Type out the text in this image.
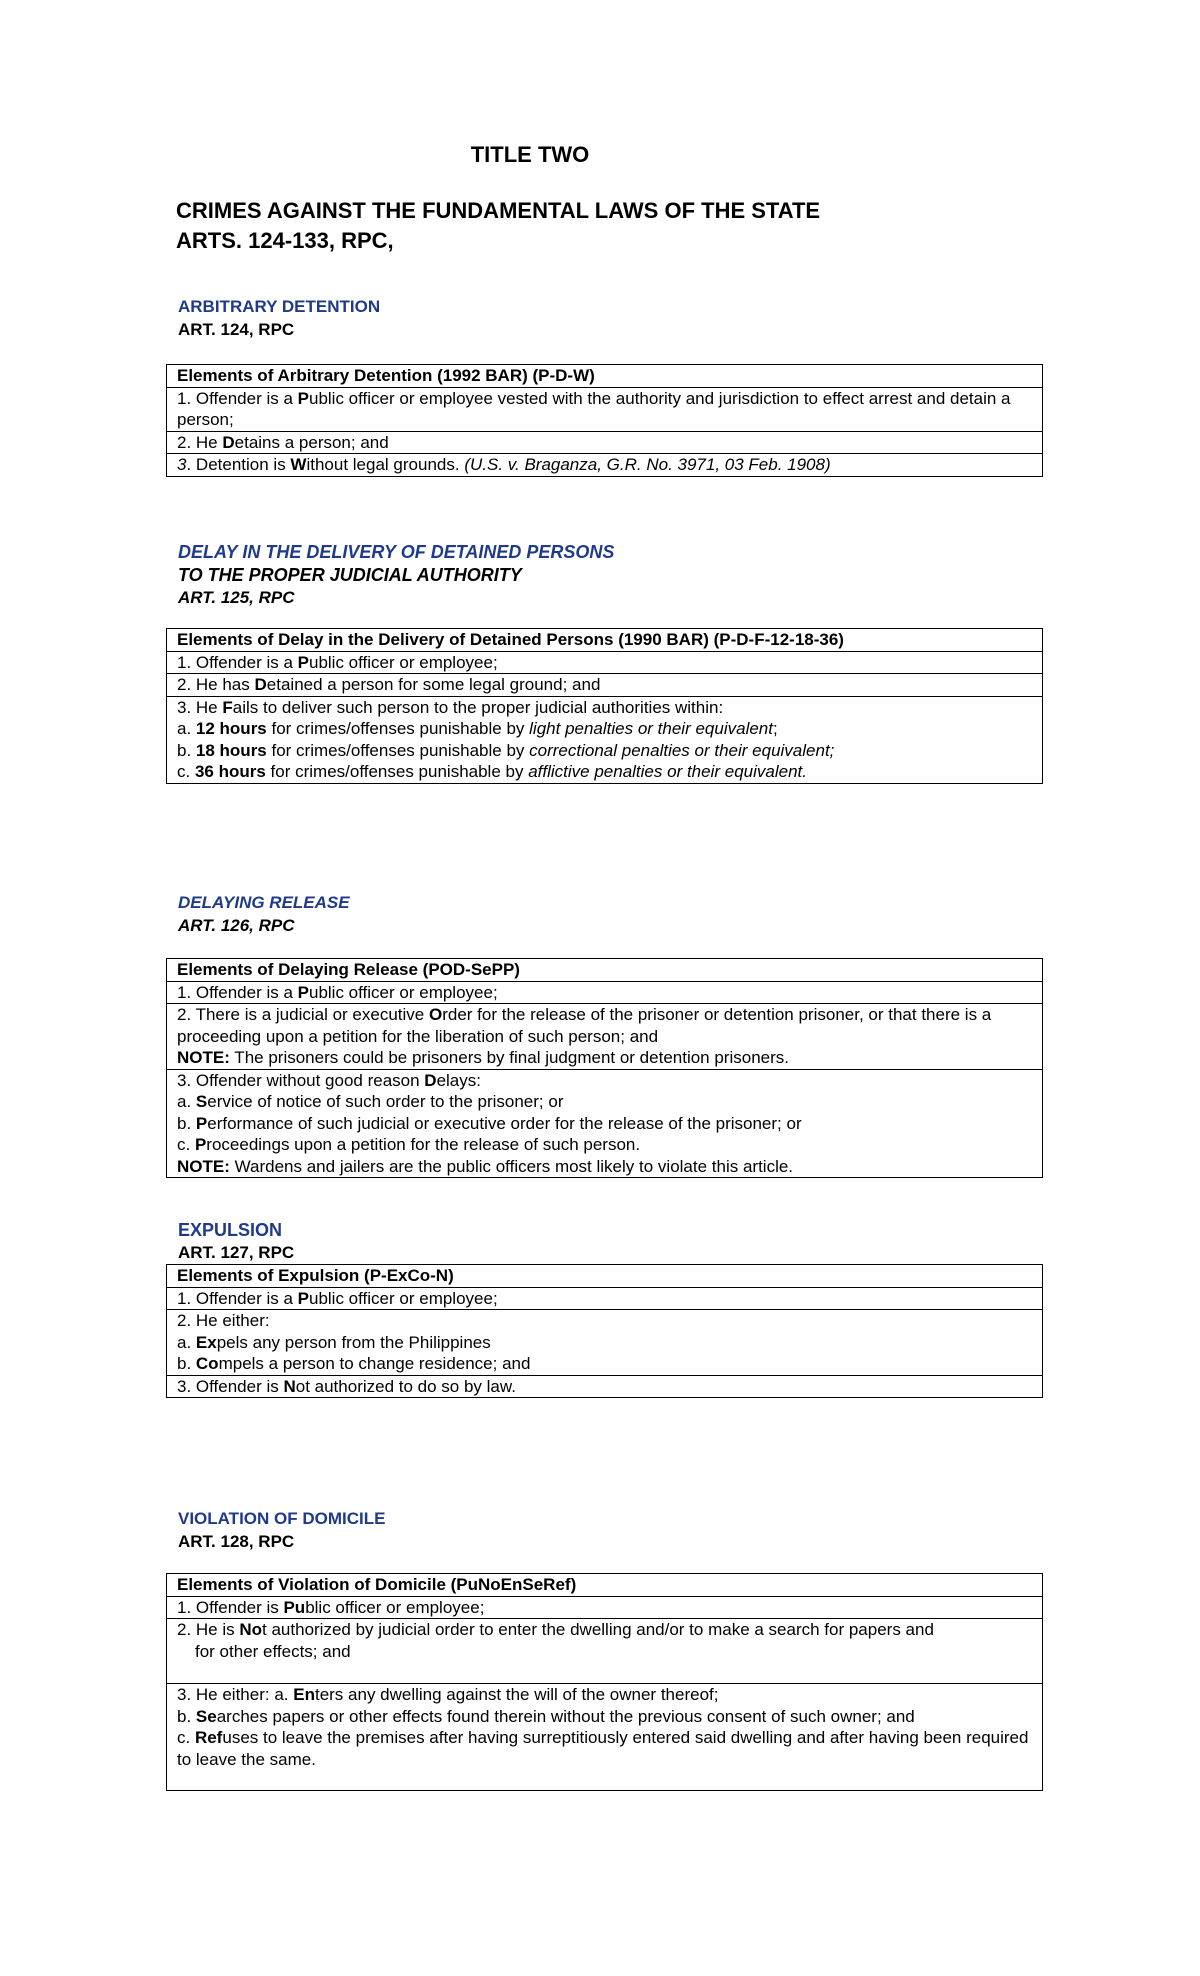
TITLE TWO
CRIMES AGAINST THE FUNDAMENTAL LAWS OF THE STATE
ARTS. 124-133, RPC,
ARBITRARY DETENTION
ART. 124, RPC
Elements of Arbitrary Detention (1992 BAR) (P-D-W)
1. Offender is a Public officer or employee vested with the authority and jurisdiction to effect arrest and detain a person;
2. He Detains a person; and
3. Detention is Without legal grounds. (U.S. v. Braganza, G.R. No. 3971, 03 Feb. 1908)
DELAY IN THE DELIVERY OF DETAINED PERSONS
TO THE PROPER JUDICIAL AUTHORITY
ART. 125, RPC
Elements of Delay in the Delivery of Detained Persons (1990 BAR) (P-D-F-12-18-36)
1. Offender is a Public officer or employee;
2. He has Detained a person for some legal ground; and

3. He Fails to deliver such person to the proper judicial authorities within:
a. 12 hours for crimes/offenses punishable by light penalties or their equivalent;
b. 18 hours for crimes/offenses punishable by correctional penalties or their equivalent;
c. 36 hours for crimes/offenses punishable by afflictive penalties or their equivalent.
DELAYING RELEASE
ART. 126, RPC
Elements of Delaying Release (POD-SePP)
1. Offender is a Public officer or employee;

2. There is a judicial or executive Order for the release of the prisoner or detention prisoner, or that there is a proceeding upon a petition for the liberation of such person; and
NOTE: The prisoners could be prisoners by final judgment or detention prisoners.

3. Offender without good reason Delays:
a. Service of notice of such order to the prisoner; or
b. Performance of such judicial or executive order for the release of the prisoner; or
c. Proceedings upon a petition for the release of such person.
NOTE: Wardens and jailers are the public officers most likely to violate this article.
EXPULSION
ART. 127, RPC
Elements of Expulsion (P-ExCo-N)
1. Offender is a Public officer or employee;

2. He either:
a. Expels any person from the Philippines
b. Compels a person to change residence; and

3. Offender is Not authorized to do so by law.
VIOLATION OF DOMICILE
ART. 128, RPC
Elements of Violation of Domicile (PuNoEnSeRef)
1. Offender is Public officer or employee;

2. He is Not authorized by judicial order to enter the dwelling and/or to make a search for papers and
for other effects; and

3. He either: a. Enters any dwelling against the will of the owner thereof;
b. Searches papers or other effects found therein without the previous consent of such owner; and
c. Refuses to leave the premises after having surreptitiously entered said dwelling and after having been required to leave the same.
